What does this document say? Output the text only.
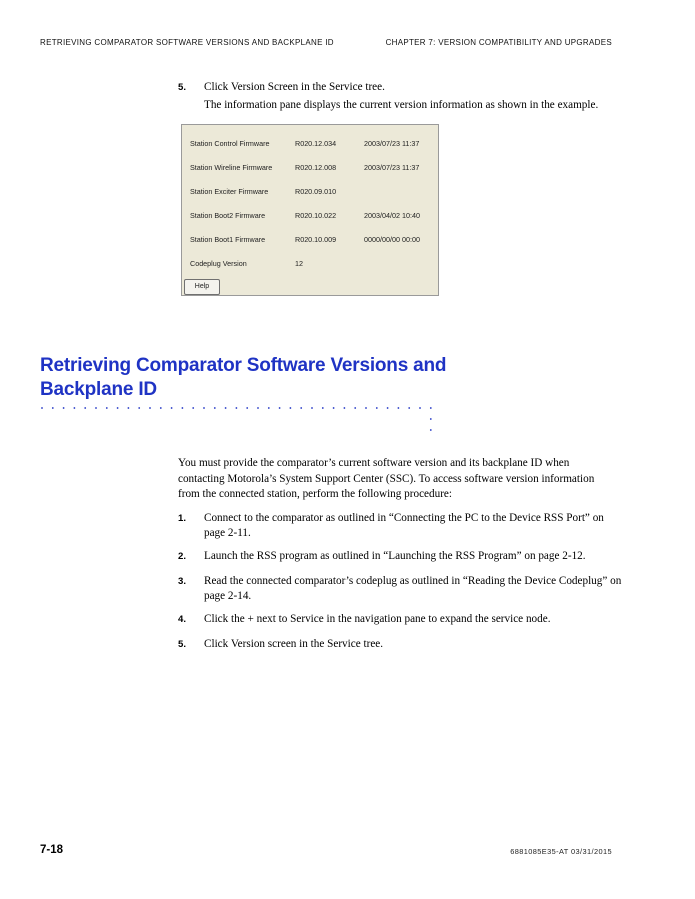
RETRIEVING COMPARATOR SOFTWARE VERSIONS AND BACKPLANE ID	CHAPTER 7: VERSION COMPATIBILITY AND UPGRADES
5. Click Version Screen in the Service tree.
The information pane displays the current version information as shown in the example.
Station Control Firmware	R020.12.034	2003/07/23 11:37
Station Wireline Firmware	R020.12.008	2003/07/23 11:37
Station Exciter Firmware	R020.09.010
Station Boot2 Firmware	R020.10.022	2003/04/02 10:40
Station Boot1 Firmware	R020.10.009	0000/00/00 00:00
Codeplug Version	12
Help
Retrieving Comparator Software Versions and
Backplane ID
You must provide the comparator’s current software version and its backplane ID when contacting Motorola’s System Support Center (SSC). To access software version information from the connected station, perform the following procedure:
1. Connect to the comparator as outlined in “Connecting the PC to the Device RSS Port” on page 2-11.
2. Launch the RSS program as outlined in “Launching the RSS Program” on page 2-12.
3. Read the connected comparator’s codeplug as outlined in “Reading the Device Codeplug” on page 2-14.
4. Click the + next to Service in the navigation pane to expand the service node.
5. Click Version screen in the Service tree.
7-18	6881085E35-AT 03/31/2015
